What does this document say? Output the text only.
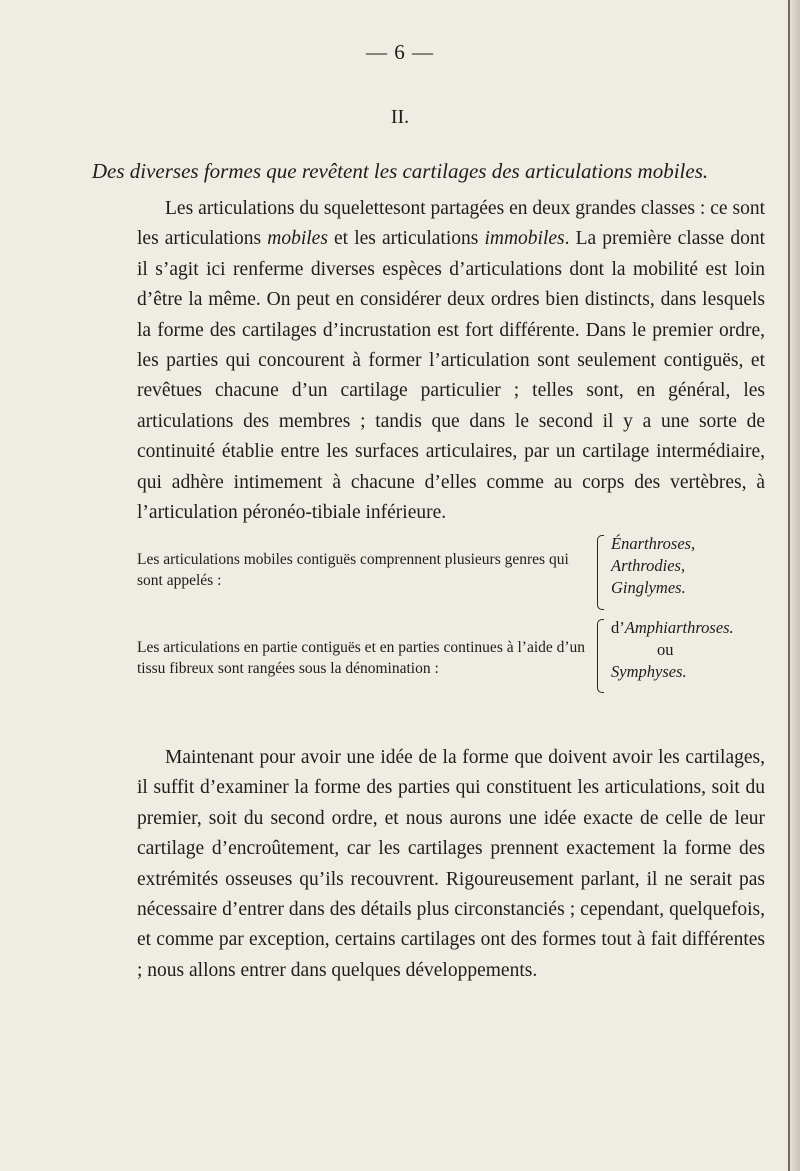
— 6 —
II.
Des diverses formes que revêtent les cartilages des articulations mobiles.

Les articulations du squelettesont partagées en deux grandes classes : ce sont les articulations mobiles et les articulations immobiles. La première classe dont il s’agit ici renferme diverses espèces d’articulations dont la mobilité est loin d’être la même. On peut en considérer deux ordres bien distincts, dans lesquels la forme des cartilages d’incrustation est fort différente. Dans le premier ordre, les parties qui concourent à former l’articulation sont seulement contiguës, et revêtues chacune d’un cartilage particulier ; telles sont, en général, les articulations des membres ; tandis que dans le second il y a une sorte de continuité établie entre les surfaces articulaires, par un cartilage intermédiaire, qui adhère intimement à chacune d’elles comme au corps des vertèbres, à l’articulation péronéo-tibiale inférieure.

Les articulations mobiles contiguës comprennent plusieurs genres qui sont appelés :
Énarthroses,
Arthrodies,
Ginglymes.
Les articulations en partie contiguës et en parties continues à l’aide d’un tissu fibreux sont rangées sous la dénomination :
d’Amphiarthroses.
ou
Symphyses.

Maintenant pour avoir une idée de la forme que doivent avoir les cartilages, il suffit d’examiner la forme des parties qui constituent les articulations, soit du premier, soit du second ordre, et nous aurons une idée exacte de celle de leur cartilage d’encroûtement, car les cartilages prennent exactement la forme des extrémités osseuses qu’ils recouvrent. Rigoureusement parlant, il ne serait pas nécessaire d’entrer dans des détails plus circonstanciés ; cependant, quelquefois, et comme par exception, certains cartilages ont des formes tout à fait différentes ; nous allons entrer dans quelques développements.
